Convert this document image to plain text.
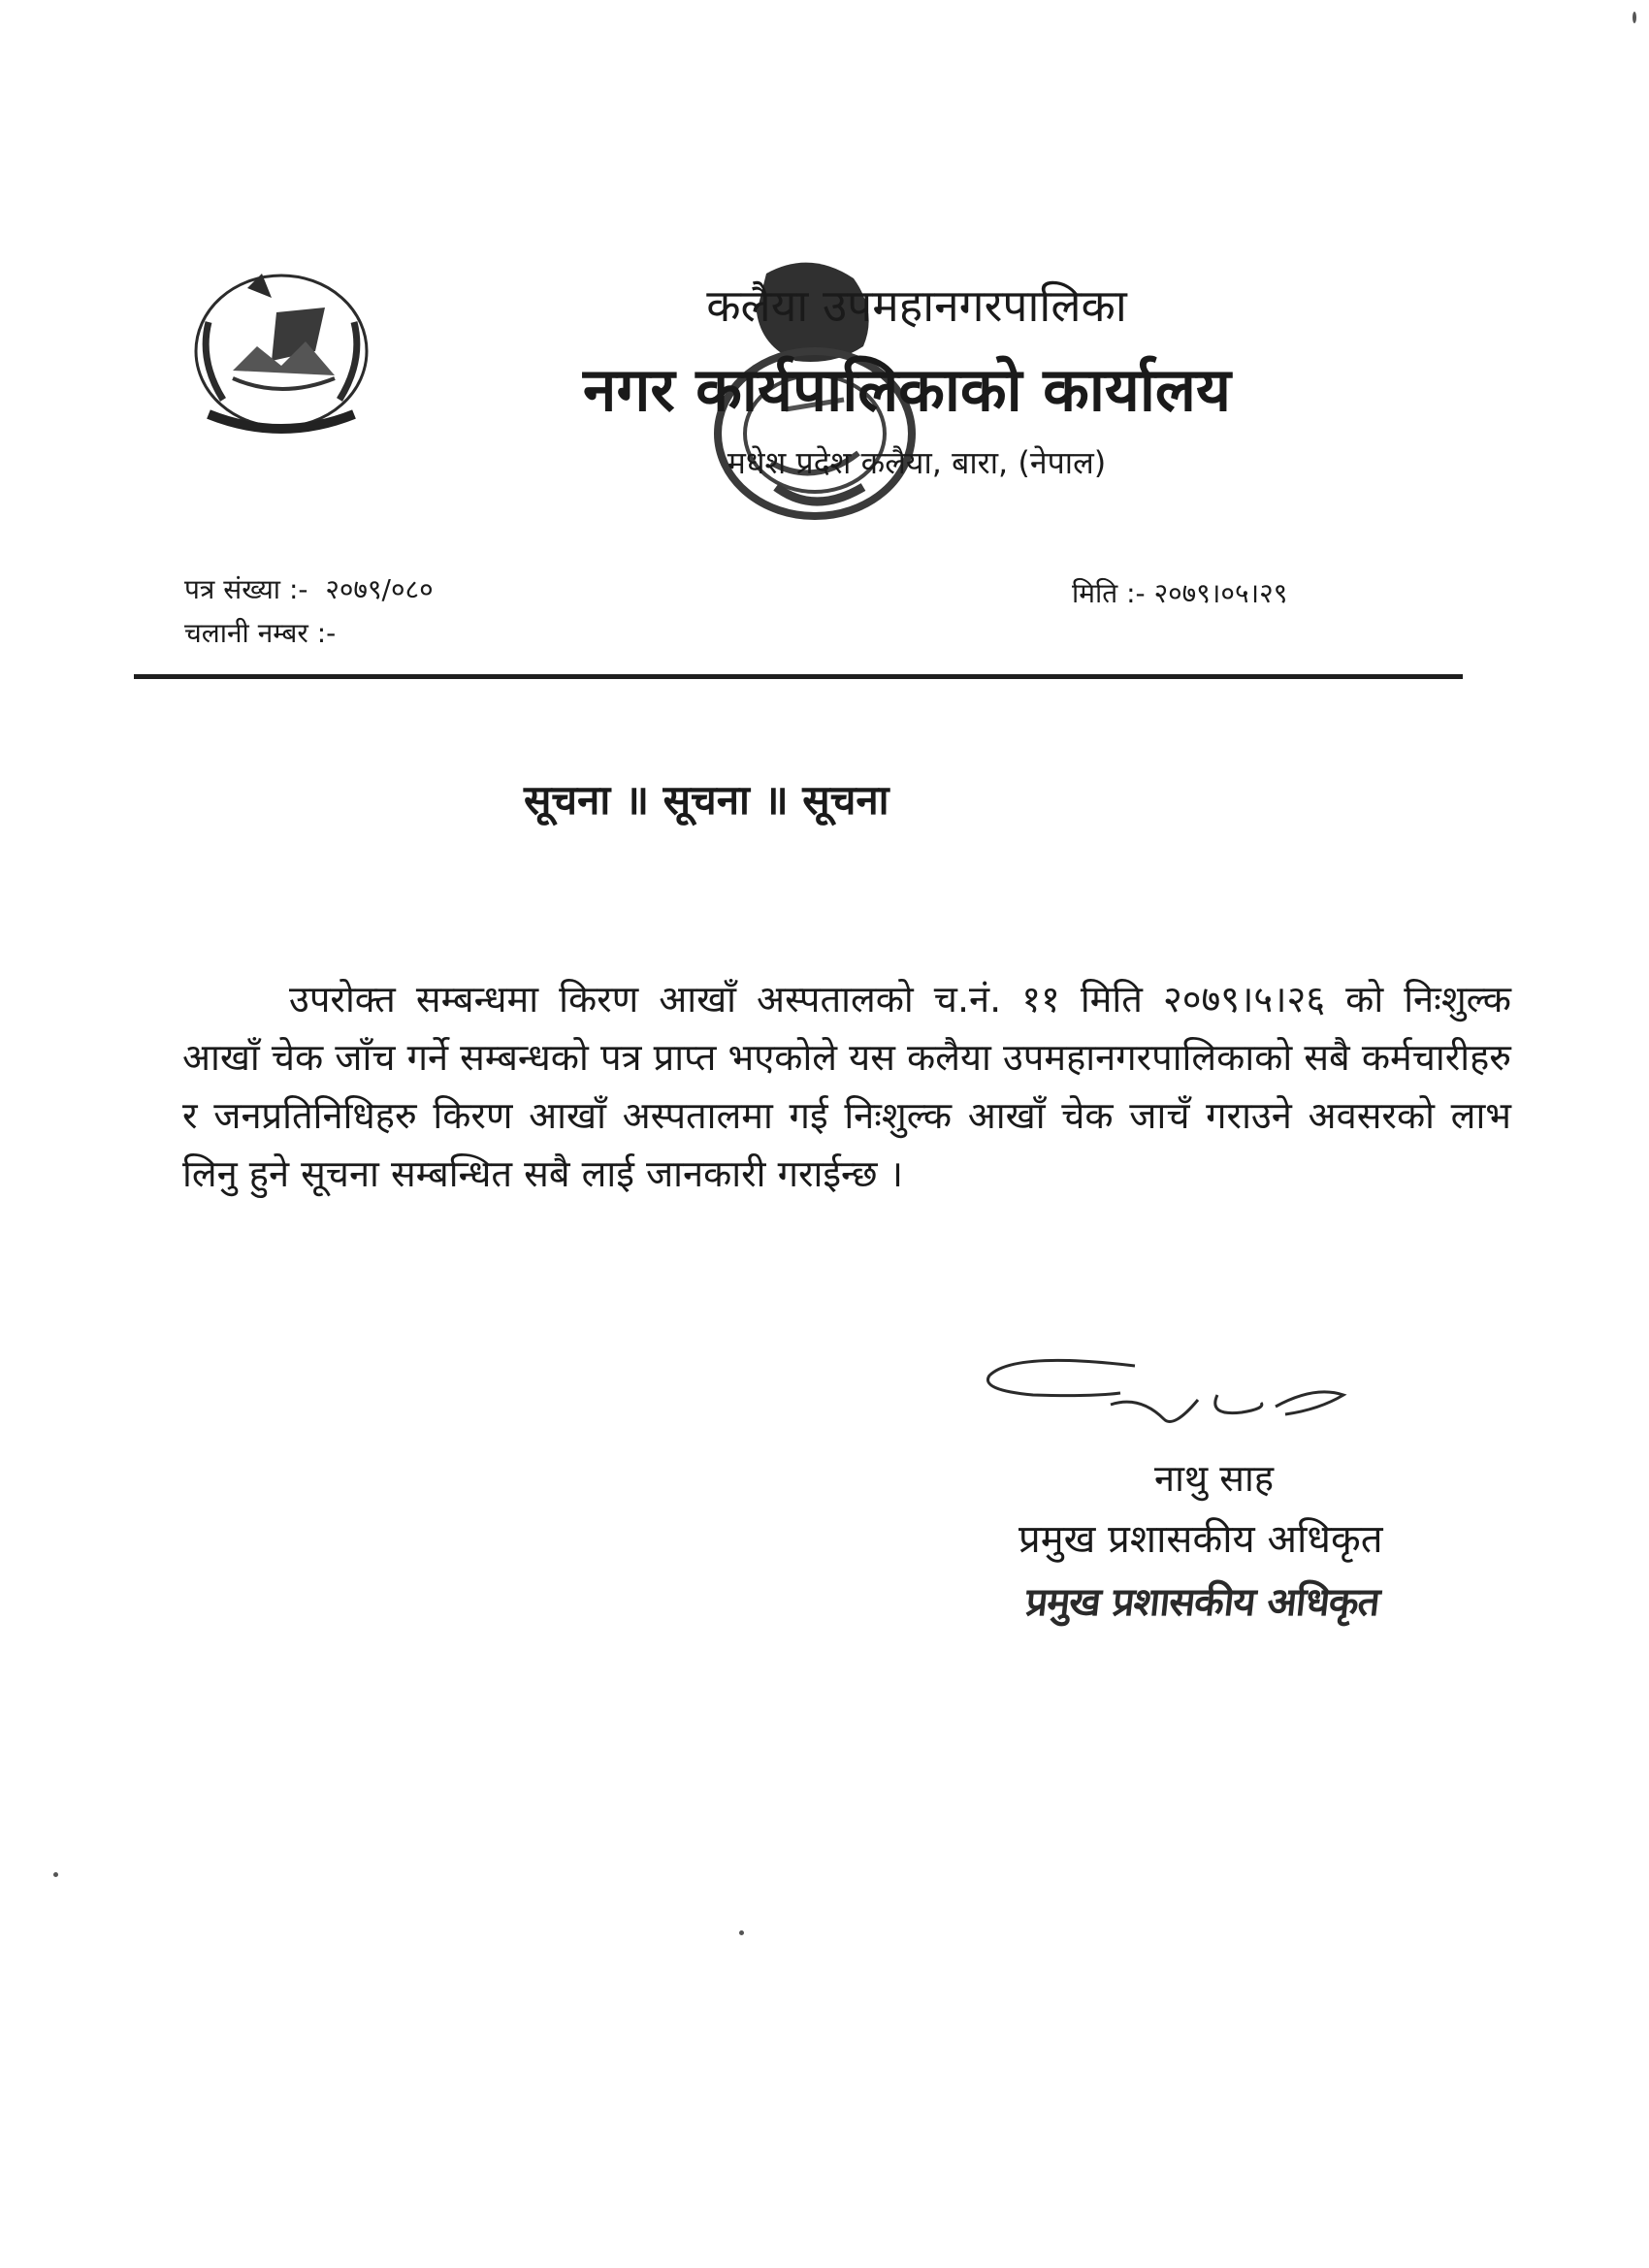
कलैया उपमहानगरपालिका

नगर कार्यपालिकाको कार्यालय

मधेश प्रदेश कलैया, बारा, (नेपाल)

पत्र संख्या :- २०७९/०८०
चलानी नम्बर :-
मिति :- २०७९।०५।२९
सूचना ॥ सूचना ॥ सूचना

उपरोक्त सम्बन्धमा किरण आखाँ अस्पतालको च.नं. ११ मिति २०७९।५।२६ को निःशुल्क आखाँ चेक जाँच गर्ने सम्बन्धको पत्र प्राप्त भएकोले यस कलैया उपमहानगरपालिकाको सबै कर्मचारीहरु र जनप्रतिनिधिहरु किरण आखाँ अस्पतालमा गई निःशुल्क आखाँ चेक जाचँ गराउने अवसरको लाभ लिनु हुने सूचना सम्बन्धित सबै लाई जानकारी गराईन्छ ।

नाथु साह
प्रमुख प्रशासकीय अधिकृत
प्रमुख प्रशासकीय अधिकृत
